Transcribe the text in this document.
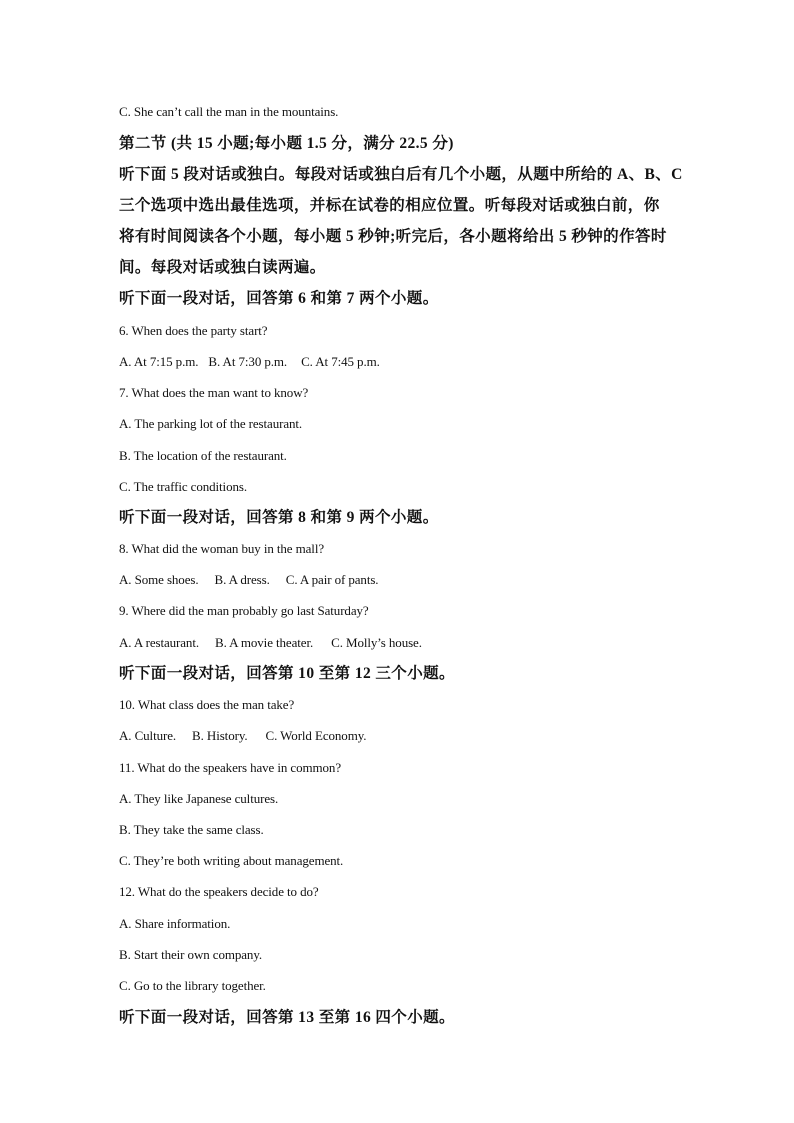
C. She can’t call the man in the mountains.
第二节 (共 15 小题;每小题 1.5 分，满分 22.5 分)
听下面 5 段对话或独白。每段对话或独白后有几个小题，从题中所给的 A、B、C
三个选项中选出最佳选项，并标在试卷的相应位置。听每段对话或独白前，你
将有时间阅读各个小题，每小题 5 秒钟;听完后，各小题将给出 5 秒钟的作答时
间。每段对话或独白读两遍。
听下面一段对话，回答第 6 和第 7 两个小题。
6. When does the party start?
A. At 7:15 p.m. B. At 7:30 p.m. C. At 7:45 p.m.
7. What does the man want to know?
A. The parking lot of the restaurant.
B. The location of the restaurant.
C. The traffic conditions.
听下面一段对话，回答第 8 和第 9 两个小题。
8. What did the woman buy in the mall?
A. Some shoes. B. A dress. C. A pair of pants.
9. Where did the man probably go last Saturday?
A. A restaurant. B. A movie theater. C. Molly’s house.
听下面一段对话，回答第 10 至第 12 三个小题。
10. What class does the man take?
A. Culture. B. History. C. World Economy.
11. What do the speakers have in common?
A. They like Japanese cultures.
B. They take the same class.
C. They’re both writing about management.
12. What do the speakers decide to do?
A. Share information.
B. Start their own company.
C. Go to the library together.
听下面一段对话，回答第 13 至第 16 四个小题。
